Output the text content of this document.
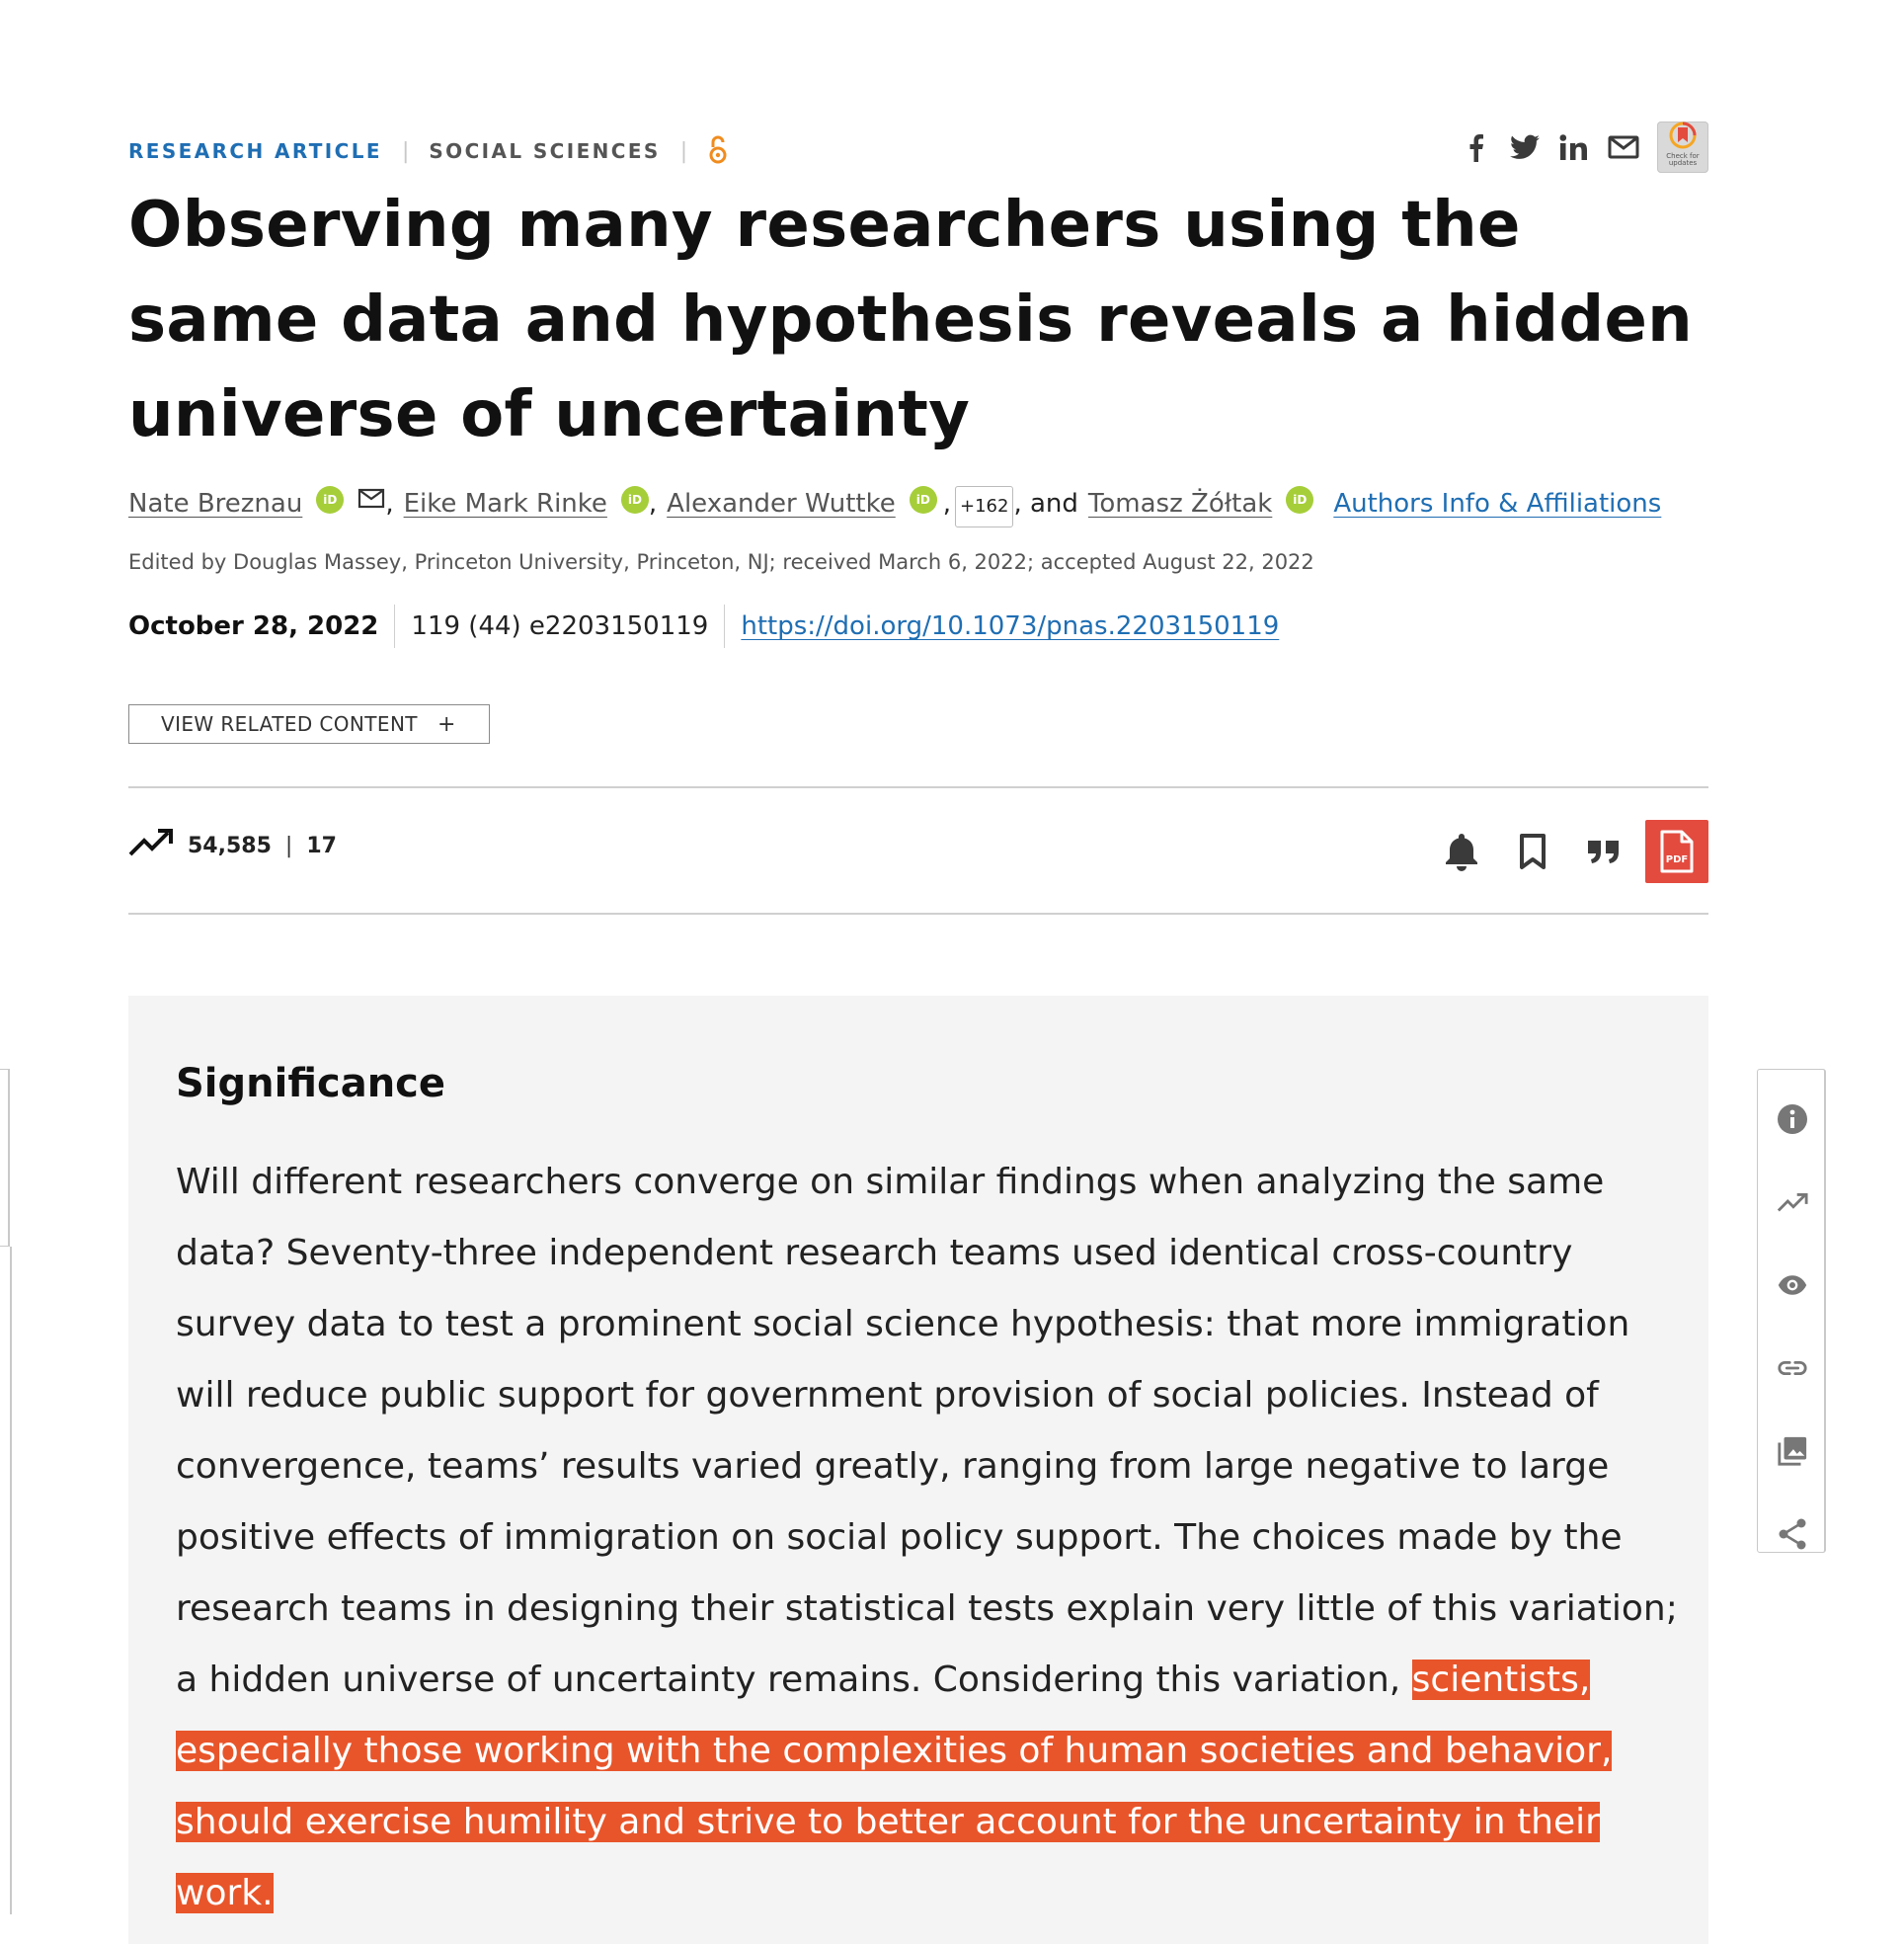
RESEARCH ARTICLE | SOCIAL SCIENCES |	Check for updates
Observing many researchers using the same data and hypothesis reveals a hidden universe of uncertainty
Nate Breznau	iD , Eike Mark Rinke	iD , Alexander Wuttke	iD , +162 , and Tomasz Żółtak	iD Authors Info & Affiliations
Edited by Douglas Massey, Princeton University, Princeton, NJ; received March 6, 2022; accepted August 22, 2022
October 28, 2022 119 (44) e2203150119 https://doi.org/10.1073/pnas.2203150119
VIEW RELATED CONTENT +
54,585 | 17
PDF
Significance

Will different researchers converge on similar findings when analyzing the same data? Seventy-three independent research teams used identical cross-country survey data to test a prominent social science hypothesis: that more immigration will reduce public support for government provision of social policies. Instead of convergence, teams’ results varied greatly, ranging from large negative to large positive effects of immigration on social policy support. The choices made by the research teams in designing their statistical tests explain very little of this variation; a hidden universe of uncertainty remains. Considering this variation, scientists, especially those working with the complexities of human societies and behavior, should exercise humility and strive to better account for the uncertainty in their work.
